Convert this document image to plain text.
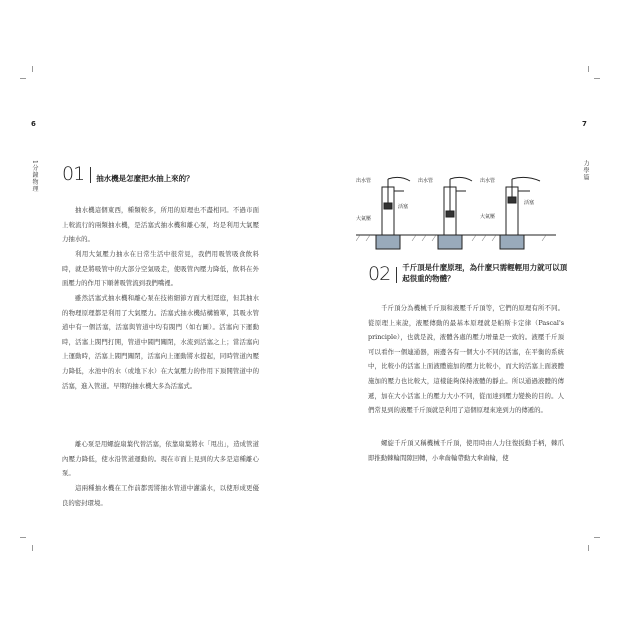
6
1分鐘物理 01 抽水機是怎麼把水抽上來的？

抽水機這個東西，種類較多，所用的原理也不盡相同。不過市面上較流行的兩類抽水機，是活塞式抽水機和離心泵，均是利用大氣壓力抽水的。

利用大氣壓力抽水在日常生活中很常見，我們用吸管吸食飲料時，就是將吸管中的大部分空氣吸走，使吸管內壓力降低，飲料在外面壓力的作用下順著吸管流到我們嘴裡。

雖然活塞式抽水機和離心泵在技術細節方面大相逕庭，但其抽水的物理原理都是利用了大氣壓力。活塞式抽水機結構簡單，其吸水管道中有一個活塞，活塞與管道中均有閥門（如右圖）。活塞向下運動時，活塞上閥門打開，管道中閥門關閉，水流到活塞之上；當活塞向上運動時，活塞上閥門關閉，活塞向上運動將水提起，同時管道內壓力降低，水池中的水（或地下水）在大氣壓力的作用下頂開管道中的活塞，進入管道。早期的抽水機大多為活塞式。

離心泵是用螺旋扇葉代替活塞，依靠扇葉將水「甩出」，造成管道內壓力降低，使水沿管道運動的。現在市面上見到的大多是這種離心泵。

這兩種抽水機在工作前都需將抽水管道中灌滿水，以使形成更優良的密封環境。

7
力學篇
出水管	出水管	出水管
大氣壓	大氣壓
活塞
活塞
02 千斤頂是什麼原理，為什麼只需輕輕用力就可以頂
起很重的物體？

千斤頂分為機械千斤頂和液壓千斤頂等，它們的原理有所不同。從原理上來說，液壓傳動的最基本原理就是帕斯卡定律（Pascal's principle），也就是說，液體各處的壓力增量是一致的。液壓千斤頂可以看作一個連通器，兩邊各有一個大小不同的活塞，在平衡的系統中，比較小的活塞上面液體施加的壓力比較小，而大的活塞上面液體施加的壓力也比較大，這樣能夠保持液體的靜止。所以通過液體的傳遞，加在大小活塞上的壓力大小不同，從而達到壓力變換的目的。人們常見到的液壓千斤頂就是利用了這個原理來達到力的傳遞的。

螺旋千斤頂又稱機械千斤頂，使用時由人力往復扳動手柄，棘爪即推動棘輪間隙回轉，小傘齒輪帶動大傘齒輪，使
